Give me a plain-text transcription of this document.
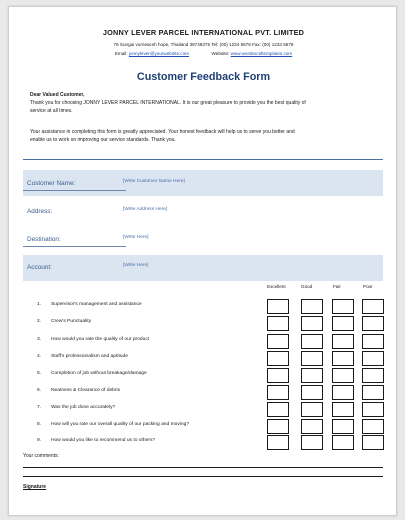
JONNY LEVER PARCEL INTERNATIONAL PVT. LIMITED
76 Sungai vorneacsh hope, Thailand 38748375 Tel: (00) 1234 5678 Fax: (00) 1234 5678
Email: jonnylever@yourwebsite.com	Website: www.wordexceltemplates.com
Customer Feedback Form
Dear Valued Customer,
Thank you for choosing JONNY LEVER PARCEL INTERNATIONAL. It is our great pleasure to provide you the best quality of
service at all times.
Your assistance in completing this form is greatly appreciated. Your honest feedback will help us to serve you better and
enable us to work on improving our service standards. Thank you.
Customer Name:	[Write Customer Name Here]
Address:	[Write Address Here]
Destination:	[Write Here]
Account:	[Write Here]
Excellent	Good	Fair	Poor
1. Supervisor's management and assistance
2. Crew's Punctuality
3. How would you rate the quality of our product
4. Staff's professionalism and aptitude
5. Completion of job without breakage/damage
6. Neatness & Clearance of debris
7. Was the job done accurately?
8. How will you rate our overall quality of our packing and moving?
9. How would you like to recommend us to others?
Your comments:
Signature
